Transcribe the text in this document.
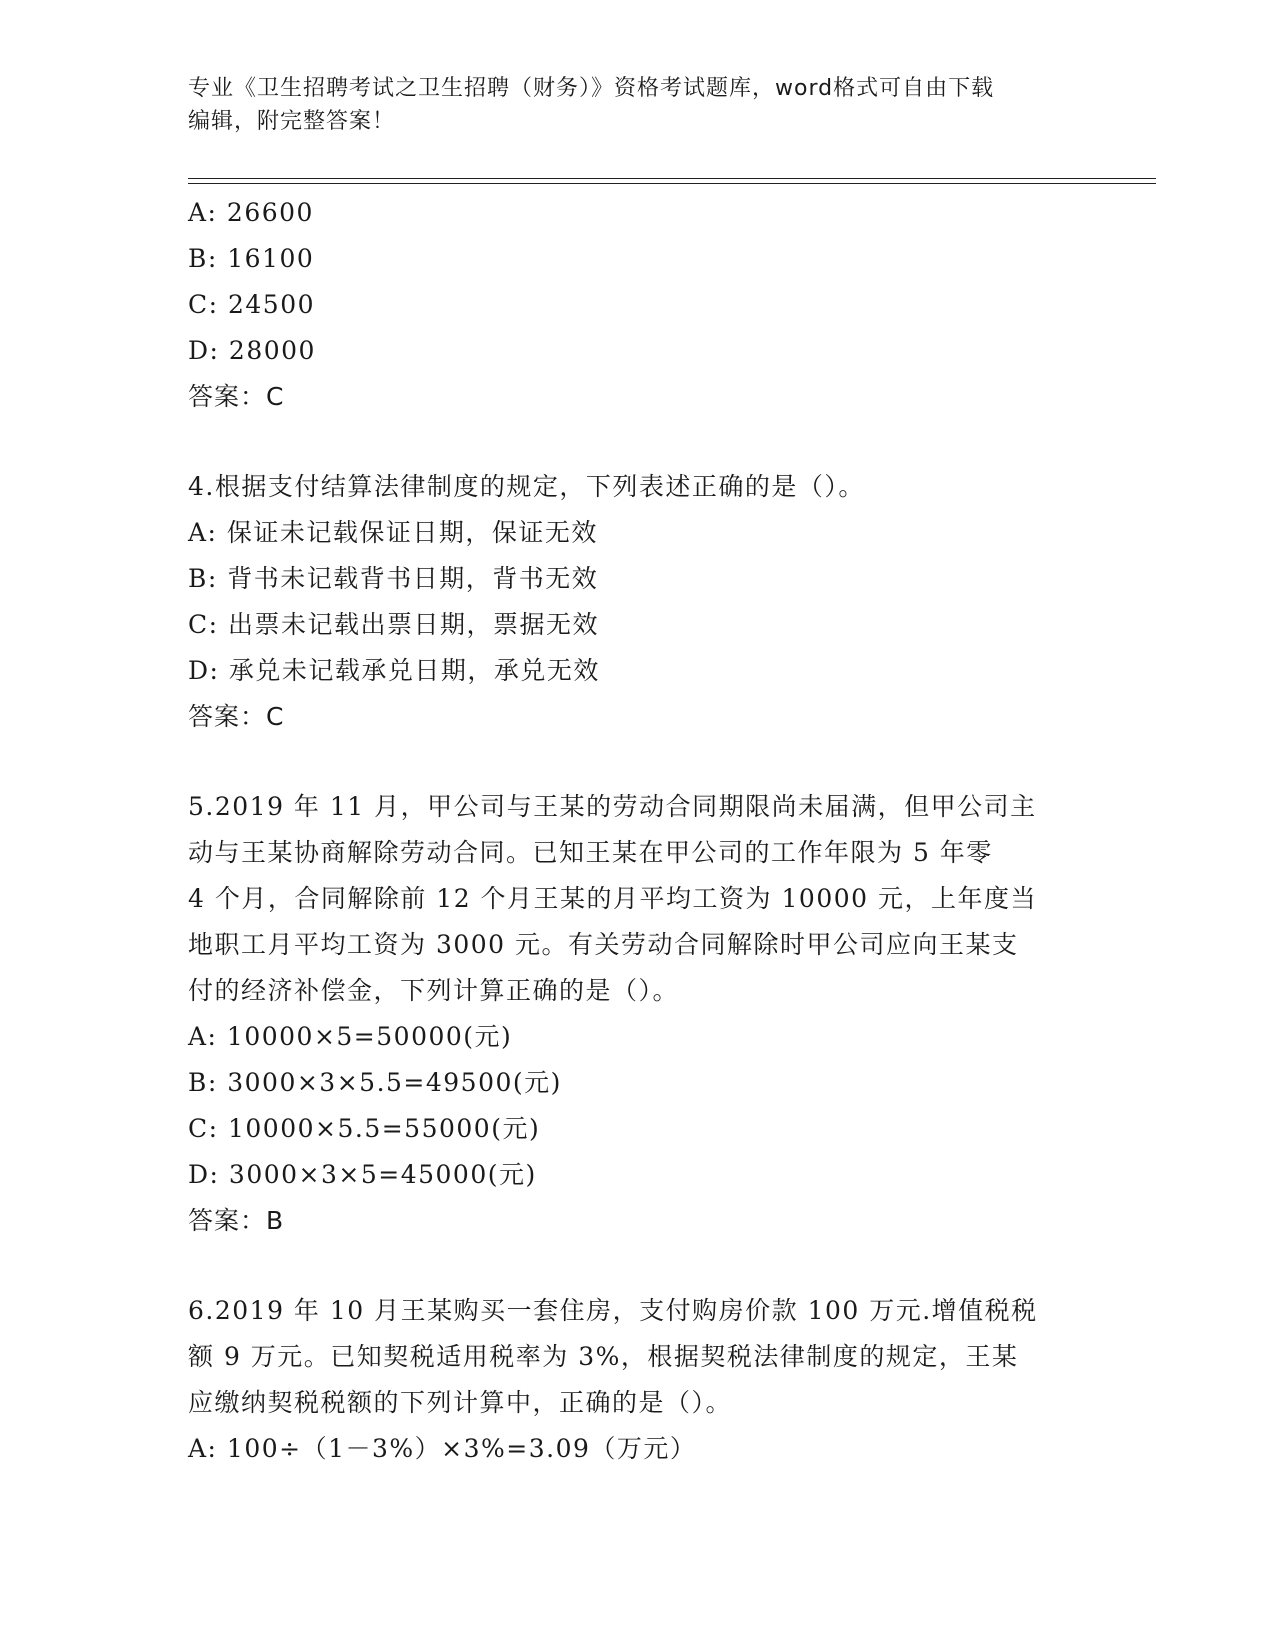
专业《卫生招聘考试之卫生招聘（财务）》资格考试题库，word格式可自由下载
编辑，附完整答案！
A: 26600
B: 16100
C: 24500
D: 28000
答案：C
4.根据支付结算法律制度的规定，下列表述正确的是（）。
A: 保证未记载保证日期，保证无效
B: 背书未记载背书日期，背书无效
C: 出票未记载出票日期，票据无效
D: 承兑未记载承兑日期，承兑无效
答案：C
5.2019 年 11 月，甲公司与王某的劳动合同期限尚未届满，但甲公司主
动与王某协商解除劳动合同。已知王某在甲公司的工作年限为 5 年零
4 个月，合同解除前 12 个月王某的月平均工资为 10000 元，上年度当
地职工月平均工资为 3000 元。有关劳动合同解除时甲公司应向王某支
付的经济补偿金，下列计算正确的是（）。
A: 10000×5=50000(元)
B: 3000×3×5.5=49500(元)
C: 10000×5.5=55000(元)
D: 3000×3×5=45000(元)
答案：B
6.2019 年 10 月王某购买一套住房，支付购房价款 100 万元.增值税税
额 9 万元。已知契税适用税率为 3%，根据契税法律制度的规定，王某
应缴纳契税税额的下列计算中，正确的是（）。
A: 100÷（1－3%）×3%=3.09（万元）
